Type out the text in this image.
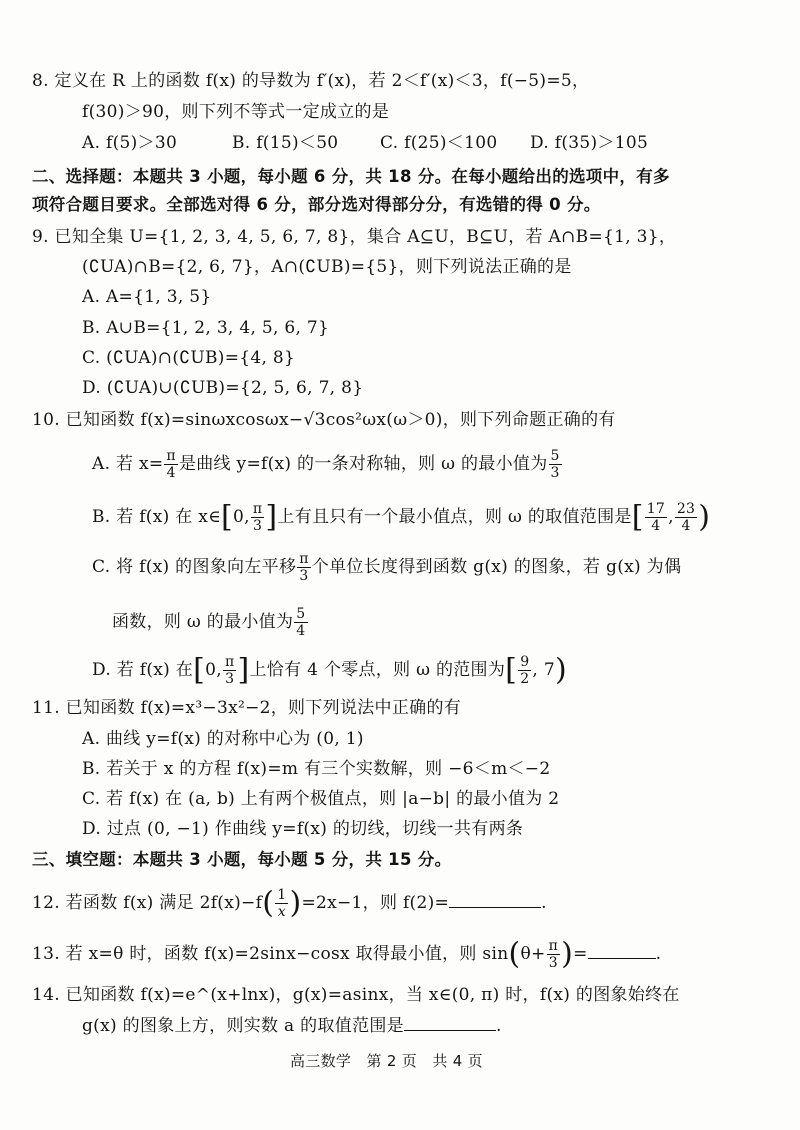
8. 定义在 R 上的函数 f(x) 的导数为 f′(x)，若 2＜f′(x)＜3，f(−5)=5，
f(30)＞90，则下列不等式一定成立的是
A. f(5)＞30	B. f(15)＜50 C. f(25)＜100 D. f(35)＞105
二、选择题：本题共 3 小题，每小题 6 分，共 18 分。在每小题给出的选项中，有多
项符合题目要求。全部选对得 6 分，部分选对得部分分，有选错的得 0 分。
9. 已知全集 U={1, 2, 3, 4, 5, 6, 7, 8}，集合 A⊆U，B⊆U，若 A∩B={1, 3}，
(∁UA)∩B={2, 6, 7}，A∩(∁UB)={5}，则下列说法正确的是
A. A={1, 3, 5}
B. A∪B={1, 2, 3, 4, 5, 6, 7}
C. (∁UA)∩(∁UB)={4, 8}
D. (∁UA)∪(∁UB)={2, 5, 6, 7, 8}
10. 已知函数 f(x)=sinωxcosωx−√3cos²ωx(ω＞0)，则下列命题正确的有
A. 若 $x= \frac{\pi}{4}$ 是曲线 y=f(x) 的一条对称轴，则 ω 的最小值为 $\frac{5}{3}$
B. 若 f(x) 在 x∈[0, $\frac{\pi}{3}$ ]上有且只有一个最小值点，则 ω 的取值范围是[ $\frac{17}{4}$ , $\frac{23}{4}$ )
C. 将 f(x) 的图象向左平移 $\frac{\pi}{3}$ 个单位长度得到函数 g(x) 的图象，若 g(x) 为偶
函数，则 ω 的最小值为 $\frac{5}{4}$
D. 若 f(x) 在[0, $\frac{\pi}{3}$ ]上恰有 4 个零点，则 ω 的范围为[ $\frac{9}{2}$ , 7)
11. 已知函数 f(x)=x³−3x²−2，则下列说法中正确的有
A. 曲线 y=f(x) 的对称中心为 (0, 1)
B. 若关于 x 的方程 f(x)=m 有三个实数解，则 −6＜m＜−2
C. 若 f(x) 在 (a, b) 上有两个极值点，则 |a−b| 的最小值为 2
D. 过点 (0, −1) 作曲线 y=f(x) 的切线，切线一共有两条
三、填空题：本题共 3 小题，每小题 5 分，共 15 分。
12. 若函数 f(x) 满足 $2f(x)-f( \frac{1}{x} )=2x-1$，则 f(2)=	.
13. 若 x=θ 时，函数 f(x)=2sinx−cosx 取得最小值，则 $\sin(\theta+ \frac{\pi}{3}$ )=	.
14. 已知函数 f(x)=e^(x+lnx)，g(x)=asinx，当 x∈(0, π) 时，f(x) 的图象始终在
g(x) 的图象上方，则实数 a 的取值范围是	.
高三数学　第 2 页　共 4 页
